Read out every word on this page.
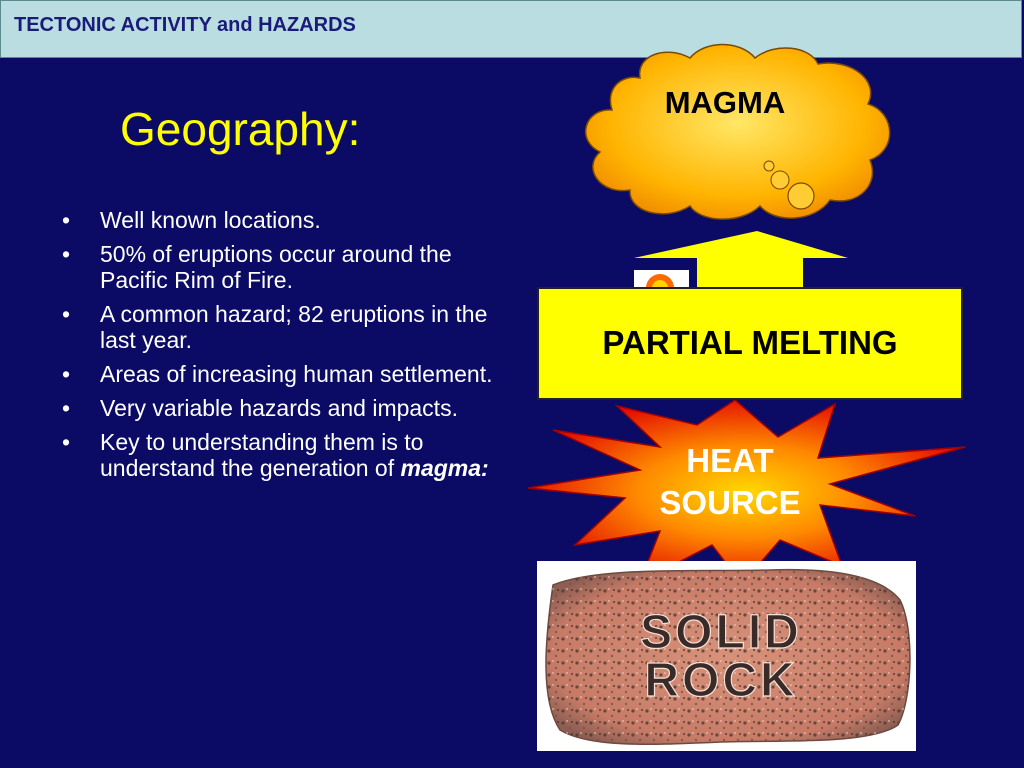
TECTONIC ACTIVITY and HAZARDS
Geography:
• Well known locations.
• 50% of eruptions occur around the Pacific Rim of Fire.
• A common hazard; 82 eruptions in the last year.
• Areas of increasing human settlement.
• Very variable hazards and impacts.
• Key to understanding them is to understand the generation of magma:
SOLID
ROCK
MAGMA
PARTIAL MELTING
HEAT
SOURCE
